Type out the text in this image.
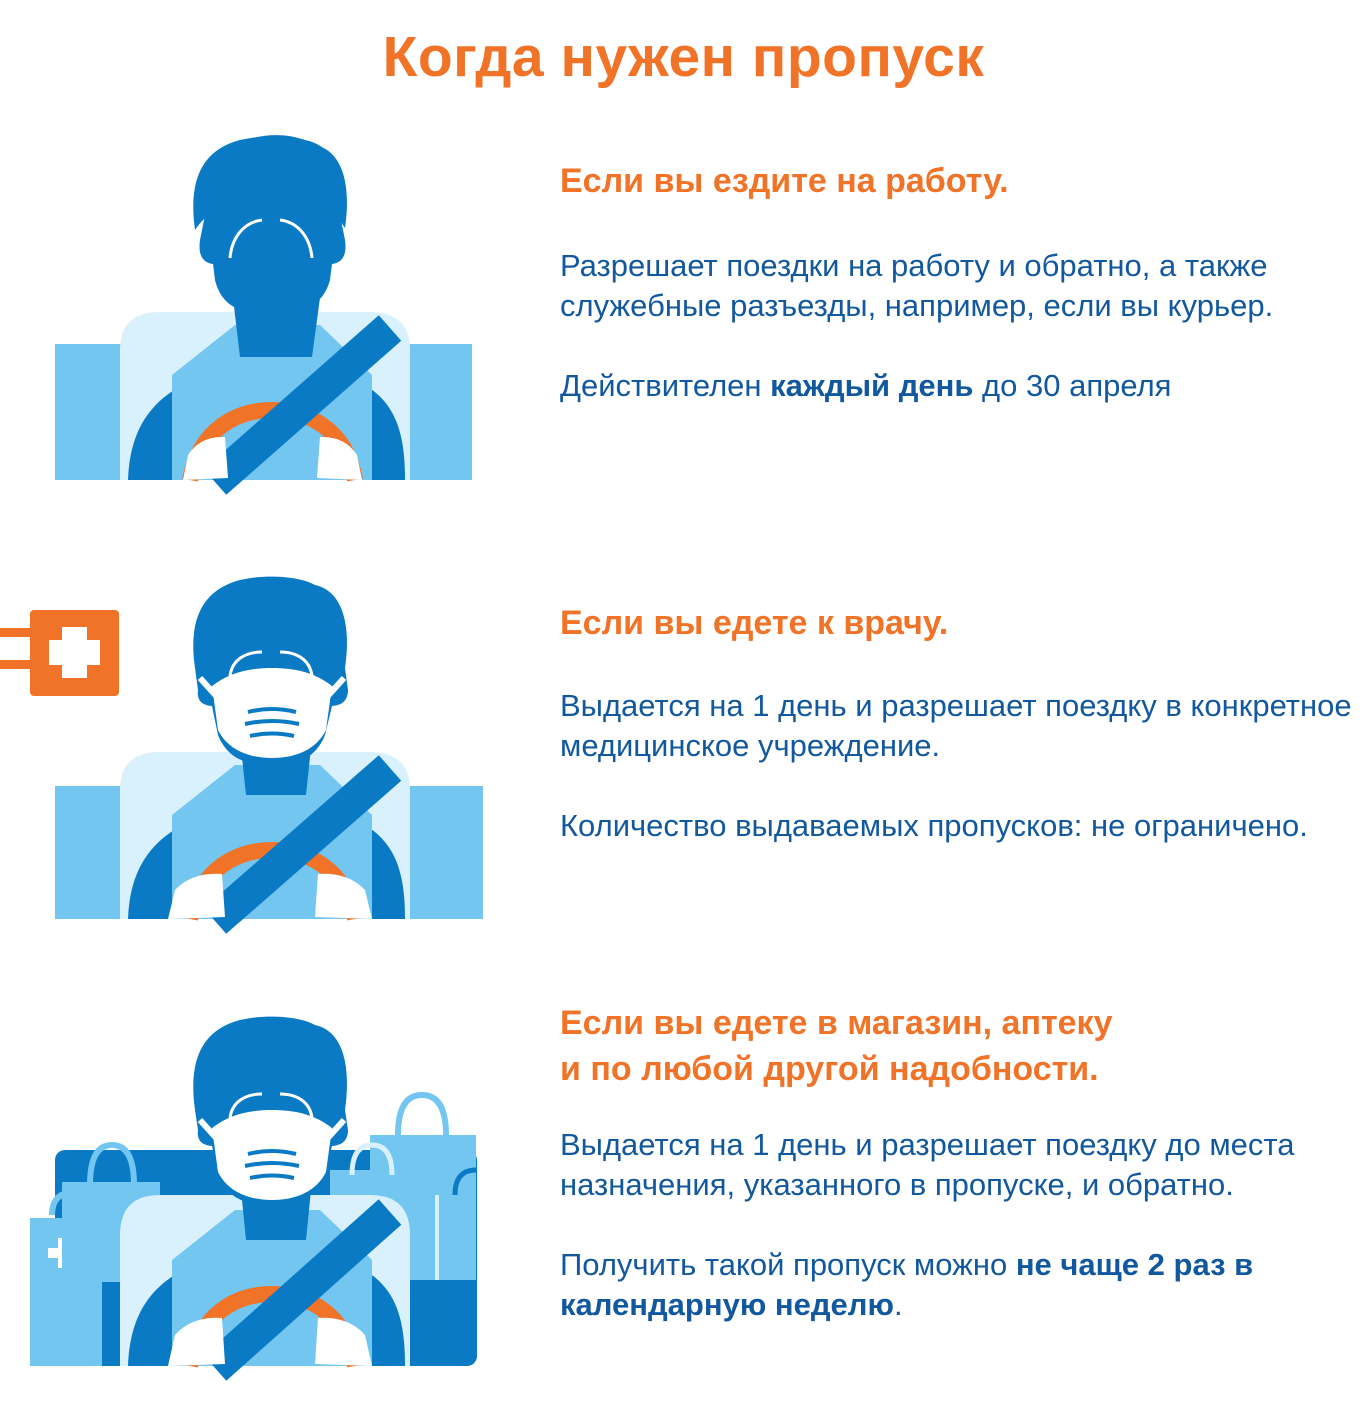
Когда нужен пропуск

Если вы ездите на работу.

Разрешает поездки на работу и обратно, а также служебные разъезды, например, если вы курьер.

Действителен каждый день до 30 апреля

Если вы едете к врачу.

Выдается на 1 день и разрешает поездку в конкретное медицинское учреждение.

Количество выдаваемых пропусков: не ограничено.

Если вы едете в магазин, аптеку

и по любой другой надобности.

Выдается на 1 день и разрешает поездку до места назначения, указанного в пропуске, и обратно.

Получить такой пропуск можно не чаще 2 раз в календарную неделю.
